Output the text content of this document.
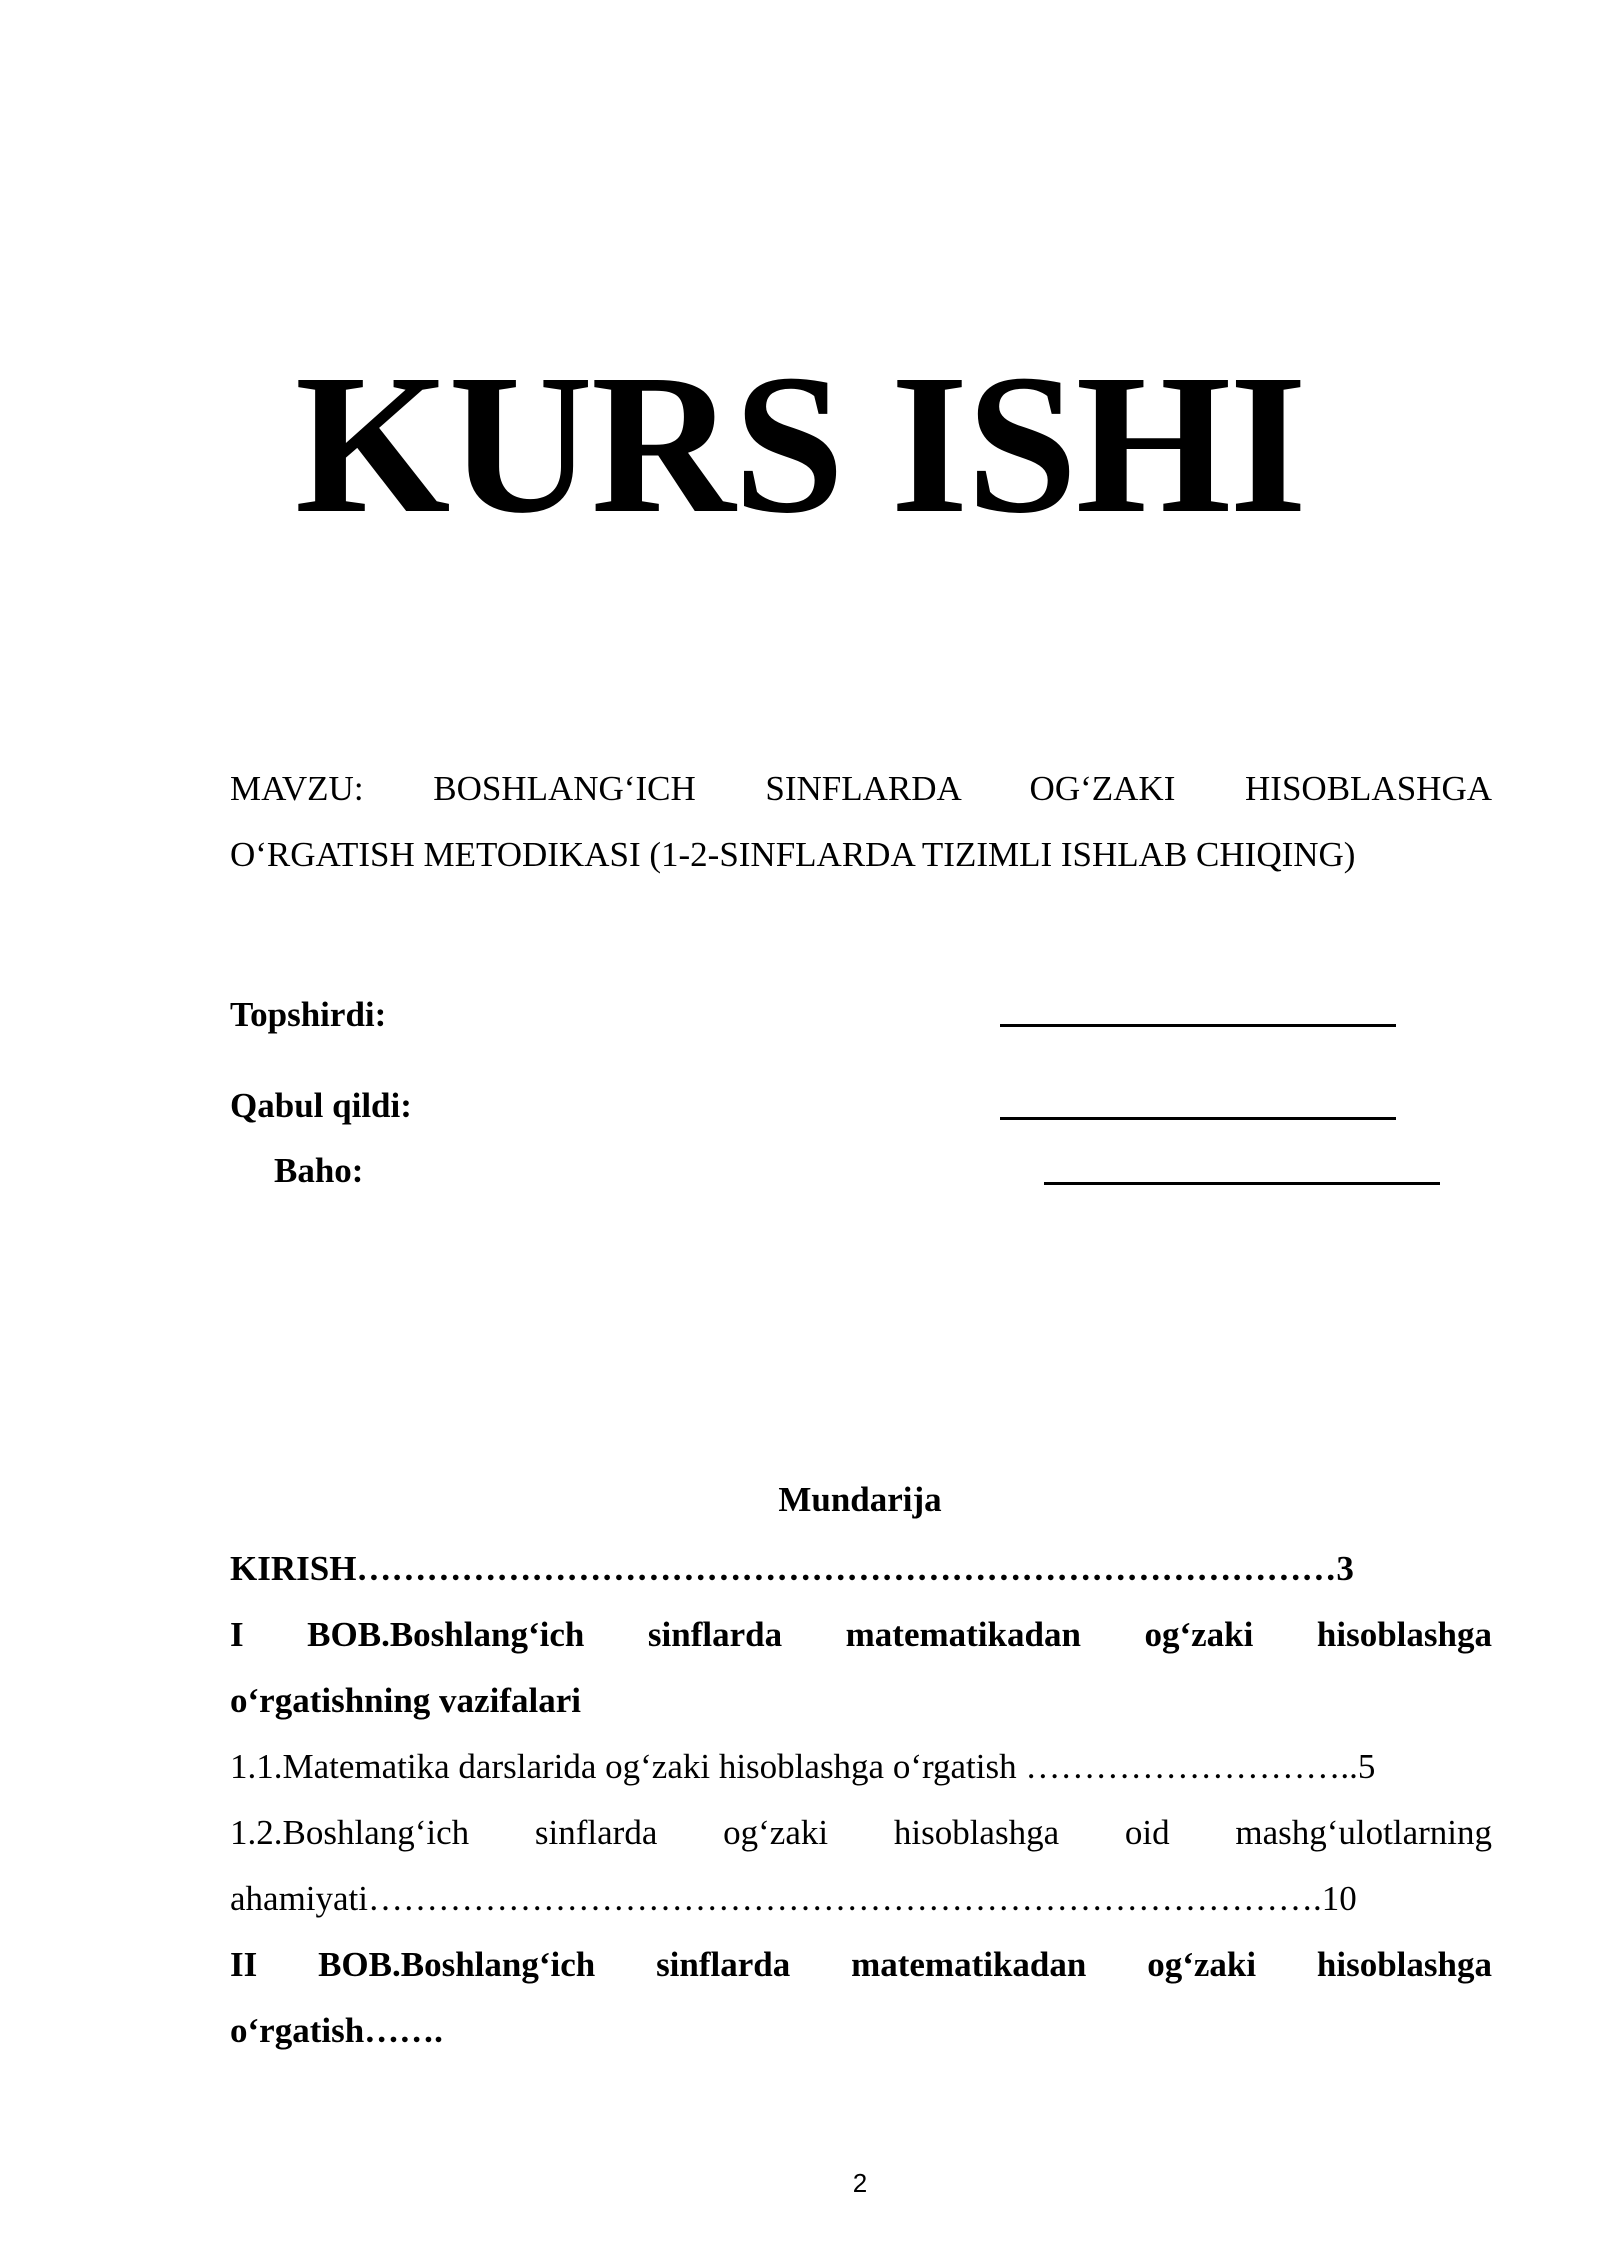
KURS ISHI
MAVZU: BOSHLANG‘ICH SINFLARDA OG‘ZAKI HISOBLASHGA
O‘RGATISH METODIKASI (1-2-SINFLARDA TIZIMLI ISHLAB CHIQING)
Topshirdi:
Qabul qildi:
Baho:
Mundarija
KIRISH…………………………………………………………………………3
I BOB.Boshlang‘ich sinflarda matematikadan og‘zaki hisoblashga
o‘rgatishning vazifalari
1.1.Matematika darslarida og‘zaki hisoblashga o‘rgatish ………………………..5
1.2.Boshlang‘ich sinflarda og‘zaki hisoblashga oid mashg‘ulotlarning
ahamiyati……………………………………………………………………….10
II BOB.Boshlang‘ich sinflarda matematikadan og‘zaki hisoblashga
o‘rgatish…….
2
